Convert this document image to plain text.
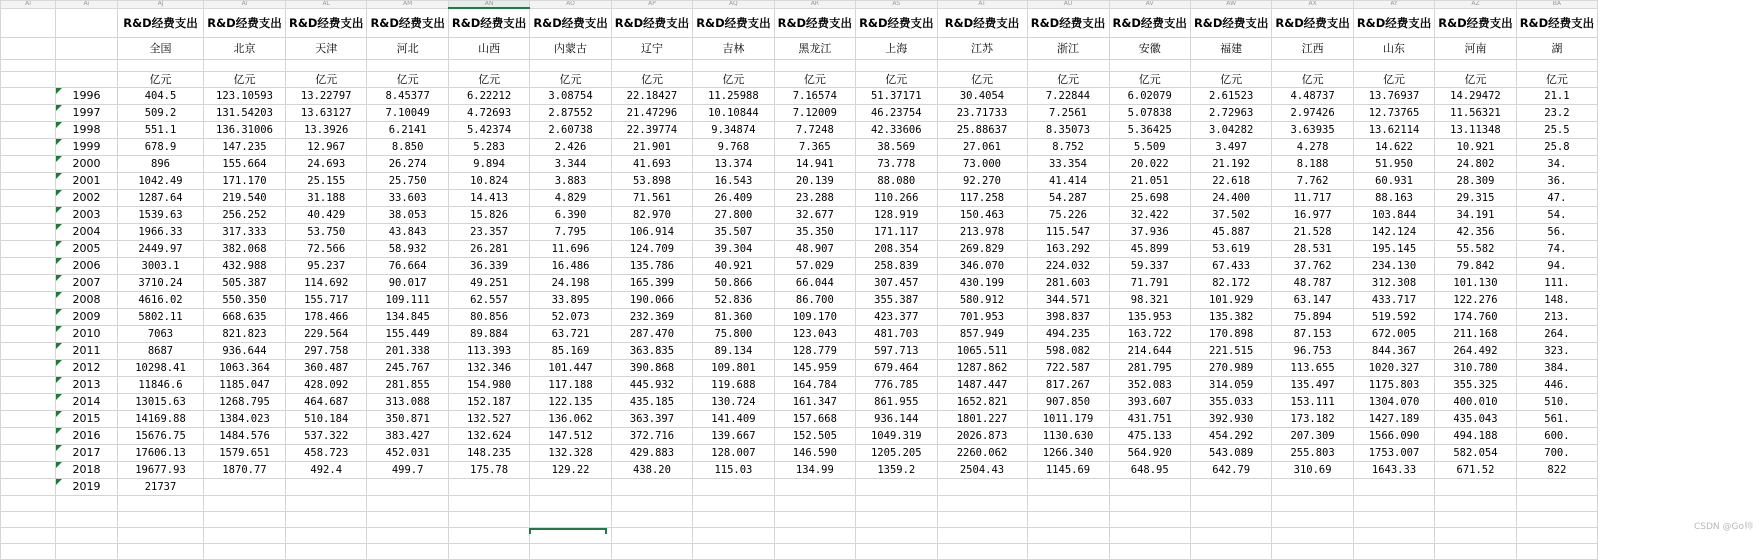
Al	Ai	AJ	Al	AL	AM	AN	AO	AP	AQ	AR	AS	AT	AU	AV	AW	AX	AY	AZ	BA
		R&D经费支出	R&D经费支出	R&D经费支出	R&D经费支出	R&D经费支出	R&D经费支出	R&D经费支出	R&D经费支出	R&D经费支出	R&D经费支出	R&D经费支出	R&D经费支出	R&D经费支出	R&D经费支出	R&D经费支出	R&D经费支出	R&D经费支出	R&D经费支出
		全国	北京	天津	河北	山西	内蒙古	辽宁	吉林	黑龙江	上海	江苏	浙江	安徽	福建	江西	山东	河南	湖

		亿元	亿元	亿元	亿元	亿元	亿元	亿元	亿元	亿元	亿元	亿元	亿元	亿元	亿元	亿元	亿元	亿元	亿元

1996	404.5	123.10593	13.22797	8.45377	6.22212	3.08754	22.18427	11.25988	7.16574	51.37171	30.4054	7.22844	6.02079	2.61523	4.48737	13.76937	14.29472	21.1

1997	509.2	131.54203	13.63127	7.10049	4.72693	2.87552	21.47296	10.10844	7.12009	46.23754	23.71733	7.2561	5.07838	2.72963	2.97426	12.73765	11.56321	23.2

1998	551.1	136.31006	13.3926	6.2141	5.42374	2.60738	22.39774	9.34874	7.7248	42.33606	25.88637	8.35073	5.36425	3.04282	3.63935	13.62114	13.11348	25.5

1999	678.9	147.235	12.967	8.850	5.283	2.426	21.901	9.768	7.365	38.569	27.061	8.752	5.509	3.497	4.278	14.622	10.921	25.8

2000	896	155.664	24.693	26.274	9.894	3.344	41.693	13.374	14.941	73.778	73.000	33.354	20.022	21.192	8.188	51.950	24.802	34.

2001	1042.49	171.170	25.155	25.750	10.824	3.883	53.898	16.543	20.139	88.080	92.270	41.414	21.051	22.618	7.762	60.931	28.309	36.

2002	1287.64	219.540	31.188	33.603	14.413	4.829	71.561	26.409	23.288	110.266	117.258	54.287	25.698	24.400	11.717	88.163	29.315	47.

2003	1539.63	256.252	40.429	38.053	15.826	6.390	82.970	27.800	32.677	128.919	150.463	75.226	32.422	37.502	16.977	103.844	34.191	54.

2004	1966.33	317.333	53.750	43.843	23.357	7.795	106.914	35.507	35.350	171.117	213.978	115.547	37.936	45.887	21.528	142.124	42.356	56.

2005	2449.97	382.068	72.566	58.932	26.281	11.696	124.709	39.304	48.907	208.354	269.829	163.292	45.899	53.619	28.531	195.145	55.582	74.

2006	3003.1	432.988	95.237	76.664	36.339	16.486	135.786	40.921	57.029	258.839	346.070	224.032	59.337	67.433	37.762	234.130	79.842	94.

2007	3710.24	505.387	114.692	90.017	49.251	24.198	165.399	50.866	66.044	307.457	430.199	281.603	71.791	82.172	48.787	312.308	101.130	111.

2008	4616.02	550.350	155.717	109.111	62.557	33.895	190.066	52.836	86.700	355.387	580.912	344.571	98.321	101.929	63.147	433.717	122.276	148.

2009	5802.11	668.635	178.466	134.845	80.856	52.073	232.369	81.360	109.170	423.377	701.953	398.837	135.953	135.382	75.894	519.592	174.760	213.

2010	7063	821.823	229.564	155.449	89.884	63.721	287.470	75.800	123.043	481.703	857.949	494.235	163.722	170.898	87.153	672.005	211.168	264.

2011	8687	936.644	297.758	201.338	113.393	85.169	363.835	89.134	128.779	597.713	1065.511	598.082	214.644	221.515	96.753	844.367	264.492	323.

2012	10298.41	1063.364	360.487	245.767	132.346	101.447	390.868	109.801	145.959	679.464	1287.862	722.587	281.795	270.989	113.655	1020.327	310.780	384.

2013	11846.6	1185.047	428.092	281.855	154.980	117.188	445.932	119.688	164.784	776.785	1487.447	817.267	352.083	314.059	135.497	1175.803	355.325	446.

2014	13015.63	1268.795	464.687	313.088	152.187	122.135	435.185	130.724	161.347	861.955	1652.821	907.850	393.607	355.033	153.111	1304.070	400.010	510.

2015	14169.88	1384.023	510.184	350.871	132.527	136.062	363.397	141.409	157.668	936.144	1801.227	1011.179	431.751	392.930	173.182	1427.189	435.043	561.

2016	15676.75	1484.576	537.322	383.427	132.624	147.512	372.716	139.667	152.505	1049.319	2026.873	1130.630	475.133	454.292	207.309	1566.090	494.188	600.

2017	17606.13	1579.651	458.723	452.031	148.235	132.328	429.883	128.007	146.590	1205.205	2260.062	1266.340	564.920	543.089	255.803	1753.007	582.054	700.

2018	19677.93	1870.77	492.4	499.7	175.78	129.22	438.20	115.03	134.99	1359.2	2504.43	1145.69	648.95	642.79	310.69	1643.33	671.52	822

2019	21737																	

CSDN @Go帅
